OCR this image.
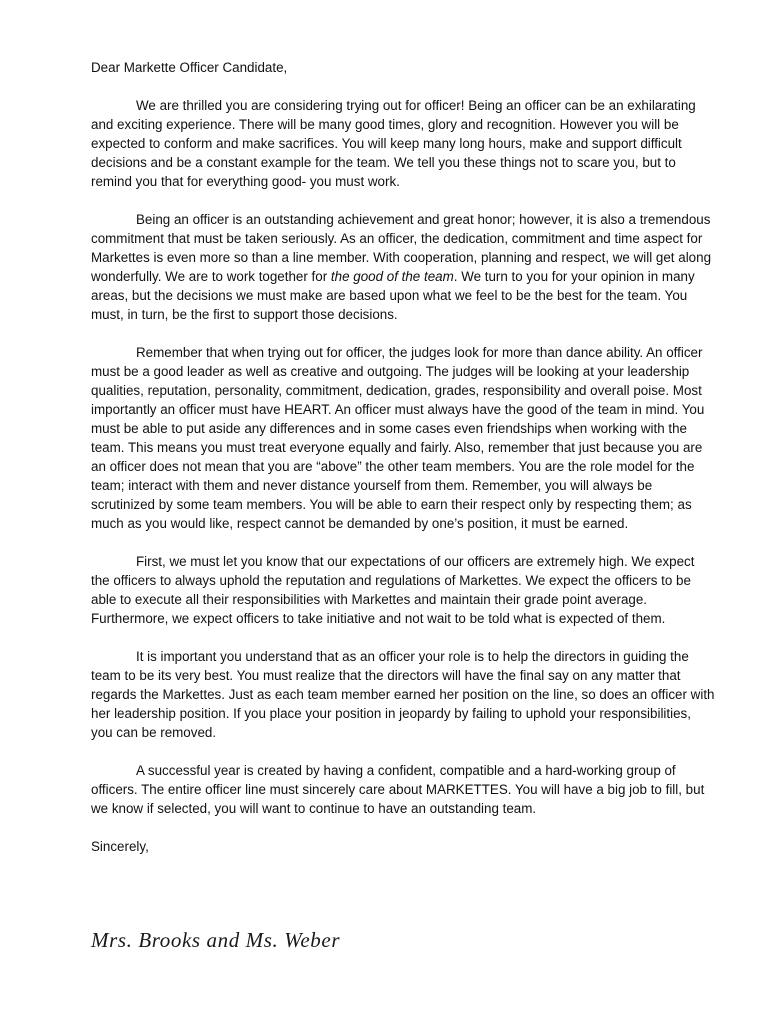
Dear Markette Officer Candidate,

We are thrilled you are considering trying out for officer! Being an officer can be an exhilarating and exciting experience. There will be many good times, glory and recognition. However you will be expected to conform and make sacrifices. You will keep many long hours, make and support difficult decisions and be a constant example for the team. We tell you these things not to scare you, but to remind you that for everything good- you must work.

Being an officer is an outstanding achievement and great honor; however, it is also a tremendous commitment that must be taken seriously. As an officer, the dedication, commitment and time aspect for Markettes is even more so than a line member. With cooperation, planning and respect, we will get along wonderfully. We are to work together for the good of the team. We turn to you for your opinion in many areas, but the decisions we must make are based upon what we feel to be the best for the team. You must, in turn, be the first to support those decisions.

Remember that when trying out for officer, the judges look for more than dance ability. An officer must be a good leader as well as creative and outgoing. The judges will be looking at your leadership qualities, reputation, personality, commitment, dedication, grades, responsibility and overall poise. Most importantly an officer must have HEART. An officer must always have the good of the team in mind. You must be able to put aside any differences and in some cases even friendships when working with the team. This means you must treat everyone equally and fairly. Also, remember that just because you are an officer does not mean that you are “above” the other team members. You are the role model for the team; interact with them and never distance yourself from them. Remember, you will always be scrutinized by some team members. You will be able to earn their respect only by respecting them; as much as you would like, respect cannot be demanded by one’s position, it must be earned.

First, we must let you know that our expectations of our officers are extremely high. We expect the officers to always uphold the reputation and regulations of Markettes. We expect the officers to be able to execute all their responsibilities with Markettes and maintain their grade point average. Furthermore, we expect officers to take initiative and not wait to be told what is expected of them.

It is important you understand that as an officer your role is to help the directors in guiding the team to be its very best. You must realize that the directors will have the final say on any matter that regards the Markettes. Just as each team member earned her position on the line, so does an officer with her leadership position. If you place your position in jeopardy by failing to uphold your responsibilities, you can be removed.

A successful year is created by having a confident, compatible and a hard-working group of officers. The entire officer line must sincerely care about MARKETTES. You will have a big job to fill, but we know if selected, you will want to continue to have an outstanding team.

Sincerely,

Mrs. Brooks and Ms. Weber
